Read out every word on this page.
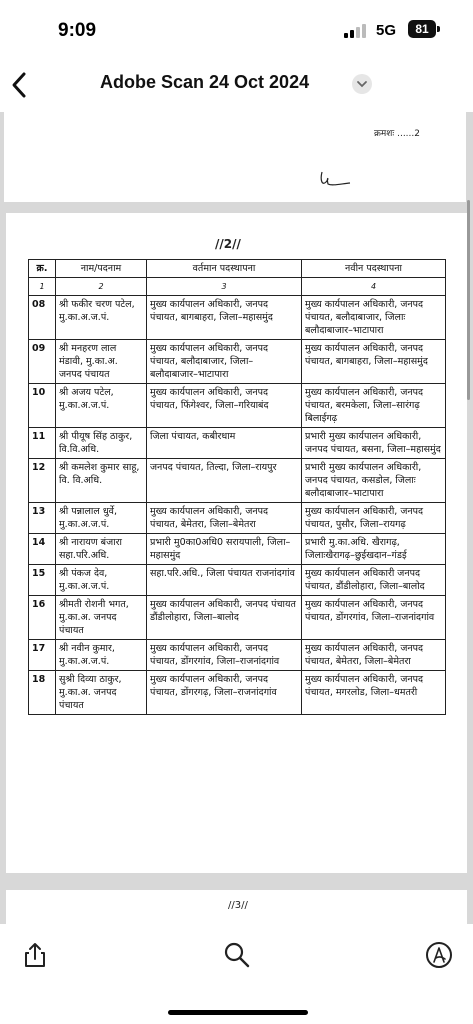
9:09	5G	81
Adobe Scan 24 Oct 2024
क्रमशः ......2
//2//
क्र.	नाम/पदनाम	वर्तमान पदस्थापना	नवीन पदस्थापना
1	2	3	4
08	श्री फकीर चरण पटेल, मु.का.अ.ज.पं.	मुख्य कार्यपालन अधिकारी, जनपद पंचायत, बागबाहरा, जिला–महासमुंद	मुख्य कार्यपालन अधिकारी, जनपद पंचायत, बलौदाबाजार, जिलाः बलौदाबाजार–भाटापारा
09	श्री मनहरण लाल मंडावी, मु.का.अ. जनपद पंचायत	मुख्य कार्यपालन अधिकारी, जनपद पंचायत, बलौदाबाजार, जिला–बलौदाबाजार–भाटापारा	मुख्य कार्यपालन अधिकारी, जनपद पंचायत, बागबाहरा, जिला–महासमुंद
10	श्री अजय पटेल, मु.का.अ.ज.पं.	मुख्य कार्यपालन अधिकारी, जनपद पंचायत, फिंगेश्वर, जिला–गरियाबंद	मुख्य कार्यपालन अधिकारी, जनपद पंचायत, बरमकेला, जिला–सारंगढ़ बिलाईगढ़
11	श्री पीयूष सिंह ठाकुर, वि.वि.अधि.	जिला पंचायत, कबीरधाम	प्रभारी मुख्य कार्यपालन अधिकारी, जनपद पंचायत, बसना, जिला–महासमुंद
12	श्री कमलेश कुमार साहू, वि. वि.अधि.	जनपद पंचायत, तिल्दा, जिला–रायपुर	प्रभारी मुख्य कार्यपालन अधिकारी, जनपद पंचायत, कसडोल, जिलाः बलौदाबाजार–भाटापारा
13	श्री पन्नालाल धुर्वे, मु.का.अ.ज.पं.	मुख्य कार्यपालन अधिकारी, जनपद पंचायत, बेमेतरा, जिला–बेमेतरा	मुख्य कार्यपालन अधिकारी, जनपद पंचायत, पुसौर, जिला–रायगढ़
14	श्री नारायण बंजारा सहा.परि.अधि.	प्रभारी मु0का0अधि0 सरायपाली, जिला–महासमुंद	प्रभारी मु.का.अधि. खैरागढ़, जिलाःखैरागढ़–छुईखदान–गंडई
15	श्री पंकज देव, मु.का.अ.ज.पं.	सहा.परि.अधि., जिला पंचायत राजनांदगांव	मुख्य कार्यपालन अधिकारी जनपद पंचायत, डौंडीलोहारा, जिला–बालोद
16	श्रीमती रोशनी भगत, मु.का.अ. जनपद पंचायत	मुख्य कार्यपालन अधिकारी, जनपद पंचायत डौंडीलोहारा, जिला–बालोद	मुख्य कार्यपालन अधिकारी, जनपद पंचायत, डोंगरगांव, जिला–राजनांदगांव
17	श्री नवीन कुमार, मु.का.अ.ज.पं.	मुख्य कार्यपालन अधिकारी, जनपद पंचायत, डोंगरगांव, जिला–राजनांदगांव	मुख्य कार्यपालन अधिकारी, जनपद पंचायत, बेमेतरा, जिला–बेमेतरा
18	सुश्री दिव्या ठाकुर, मु.का.अ. जनपद पंचायत	मुख्य कार्यपालन अधिकारी, जनपद पंचायत, डोंगरगढ़, जिला–राजनांदगांव	मुख्य कार्यपालन अधिकारी, जनपद पंचायत, मगरलोड, जिला–धमतरी
//3//
